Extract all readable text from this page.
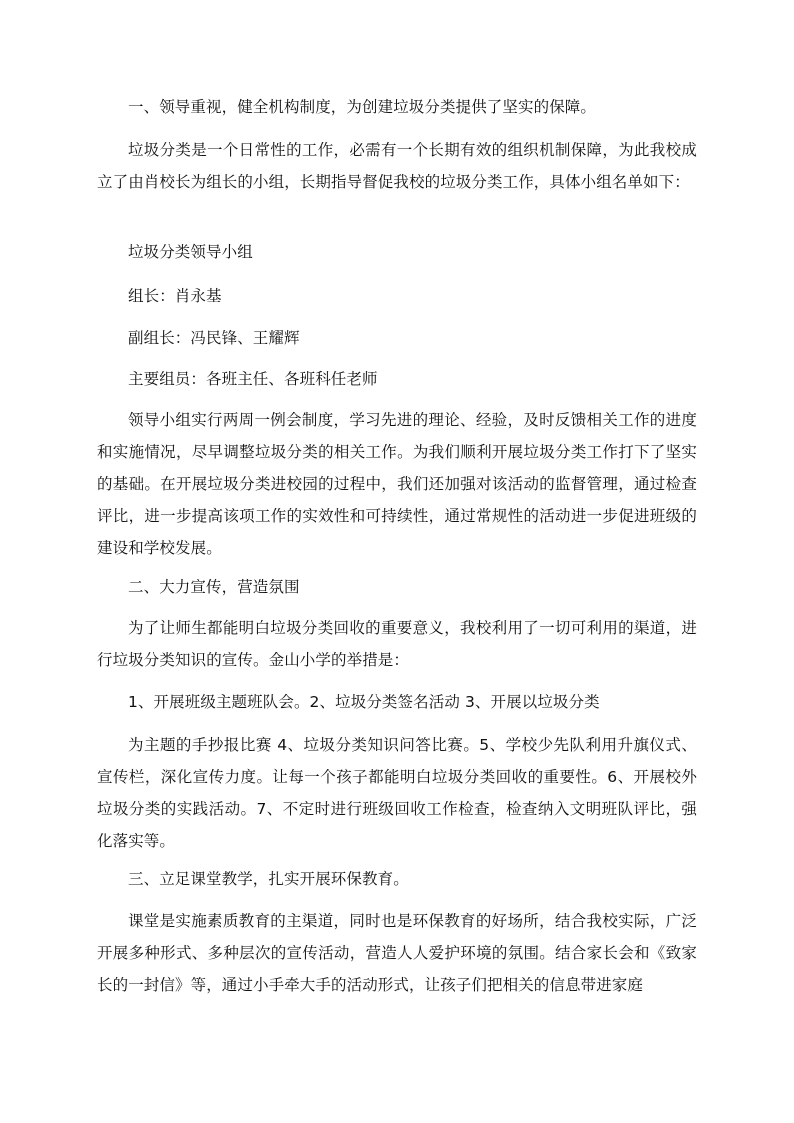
一、领导重视，健全机构制度，为创建垃圾分类提供了坚实的保障。

垃圾分类是一个日常性的工作，必需有一个长期有效的组织机制保障，为此我校成立了由肖校长为组长的小组，长期指导督促我校的垃圾分类工作，具体小组名单如下：

垃圾分类领导小组

组长：肖永基

副组长：冯民锋、王耀辉

主要组员：各班主任、各班科任老师

领导小组实行两周一例会制度，学习先进的理论、经验，及时反馈相关工作的进度和实施情况，尽早调整垃圾分类的相关工作。为我们顺利开展垃圾分类工作打下了坚实的基础。在开展垃圾分类进校园的过程中，我们还加强对该活动的监督管理，通过检查评比，进一步提高该项工作的实效性和可持续性，通过常规性的活动进一步促进班级的建设和学校发展。

二、大力宣传，营造氛围

为了让师生都能明白垃圾分类回收的重要意义，我校利用了一切可利用的渠道，进行垃圾分类知识的宣传。金山小学的举措是：

1、开展班级主题班队会。2、垃圾分类签名活动 3、开展以垃圾分类

为主题的手抄报比赛 4、垃圾分类知识问答比赛。5、学校少先队利用升旗仪式、宣传栏，深化宣传力度。让每一个孩子都能明白垃圾分类回收的重要性。6、开展校外垃圾分类的实践活动。7、不定时进行班级回收工作检查，检查纳入文明班队评比，强化落实等。

三、立足课堂教学，扎实开展环保教育。

课堂是实施素质教育的主渠道，同时也是环保教育的好场所，结合我校实际，广泛开展多种形式、多种层次的宣传活动，营造人人爱护环境的氛围。结合家长会和《致家长的一封信》等，通过小手牵大手的活动形式，让孩子们把相关的信息带进家庭
